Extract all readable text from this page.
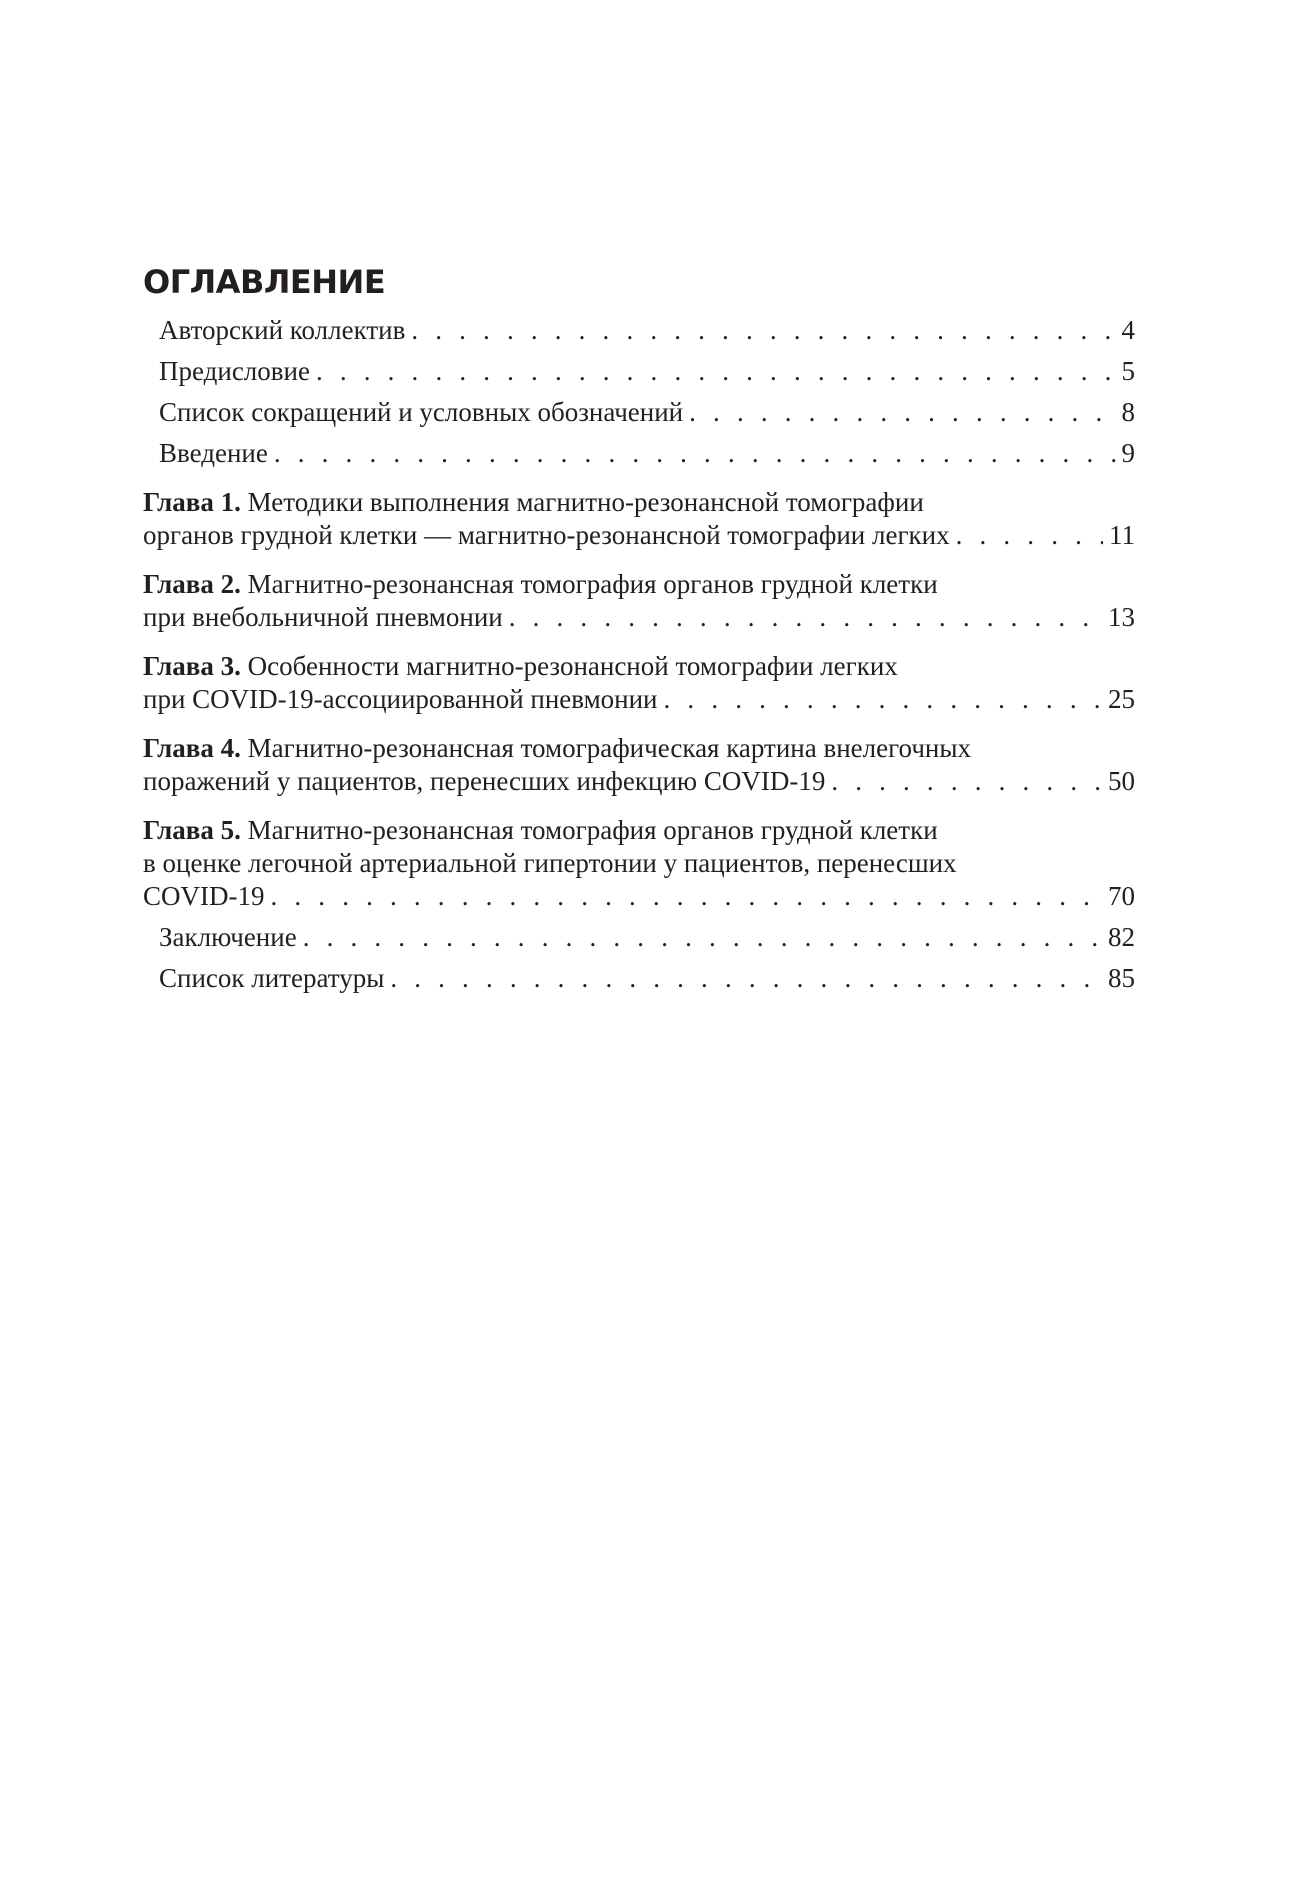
ОГЛАВЛЕНИЕ
Авторский коллектив . . .	4
Предисловие . . .	5
Список сокращений и условных обозначений . . .	8
Введение . . .	9
Глава 1. Методики выполнения магнитно-резонансной томографии
органов грудной клетки — магнитно-резонансной томографии легких . . .	11
Глава 2. Магнитно-резонансная томография органов грудной клетки
при внебольничной пневмонии . . .	13
Глава 3. Особенности магнитно-резонансной томографии легких
при COVID-19-ассоциированной пневмонии . . .	25
Глава 4. Магнитно-резонансная томографическая картина внелегочных
поражений у пациентов, перенесших инфекцию COVID-19 . . .	50
Глава 5. Магнитно-резонансная томография органов грудной клетки
в оценке легочной артериальной гипертонии у пациентов, перенесших
COVID-19 . . .	70
Заключение . . .	82
Список литературы . . .	85
